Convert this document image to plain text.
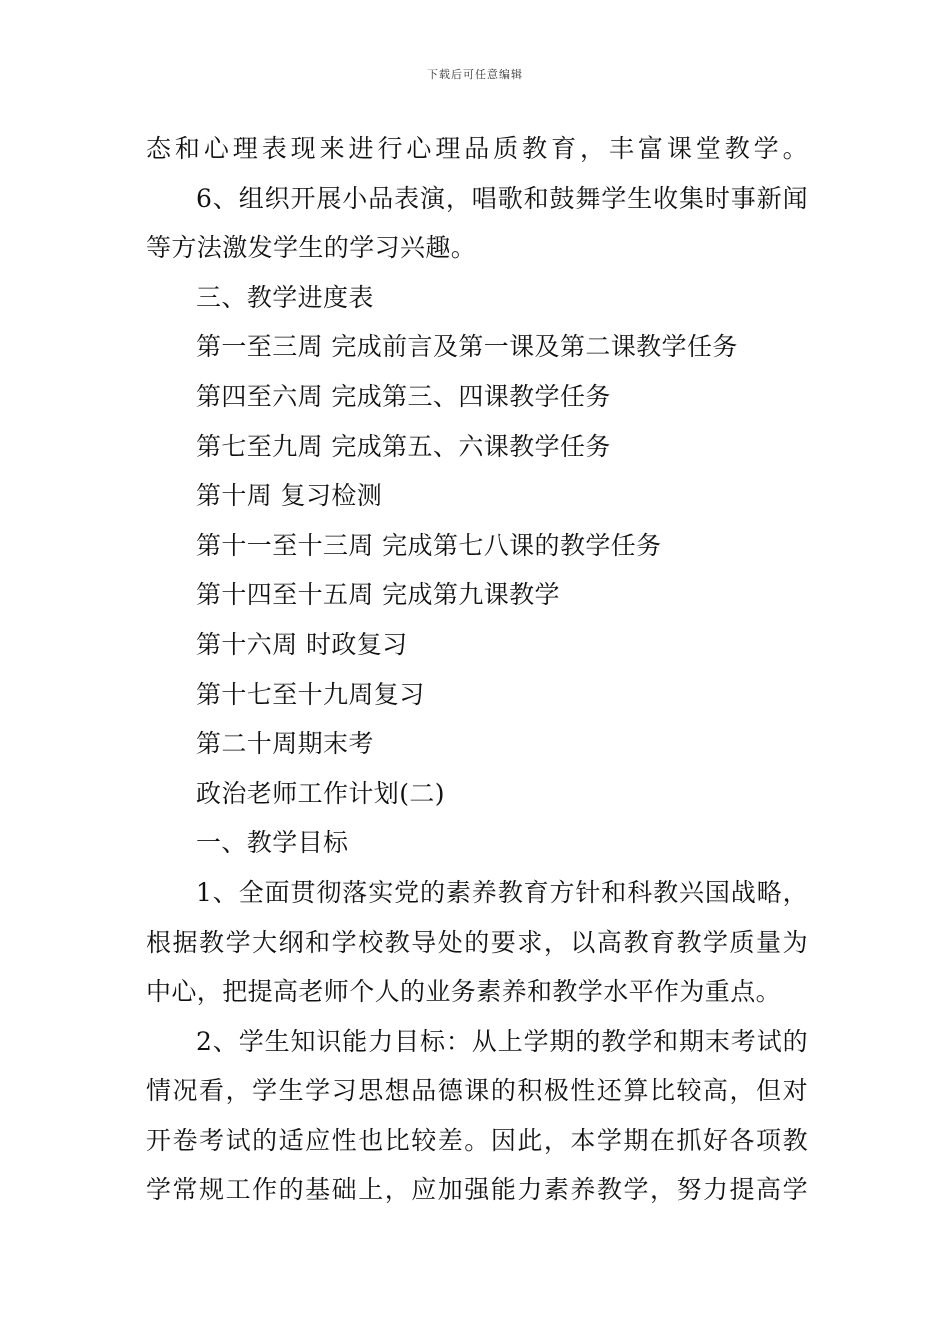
下载后可任意编辑
态和心理表现来进行心理品质教育，丰富课堂教学。
6、组织开展小品表演，唱歌和鼓舞学生收集时事新闻
等方法激发学生的学习兴趣。
三、教学进度表
第一至三周 完成前言及第一课及第二课教学任务
第四至六周 完成第三、四课教学任务
第七至九周 完成第五、六课教学任务
第十周 复习检测
第十一至十三周 完成第七八课的教学任务
第十四至十五周 完成第九课教学
第十六周 时政复习
第十七至十九周复习
第二十周期末考
政治老师工作计划(二)
一、教学目标
1、全面贯彻落实党的素养教育方针和科教兴国战略，
根据教学大纲和学校教导处的要求，以高教育教学质量为
中心，把提高老师个人的业务素养和教学水平作为重点。
2、学生知识能力目标：从上学期的教学和期末考试的
情况看，学生学习思想品德课的积极性还算比较高，但对
开卷考试的适应性也比较差。因此，本学期在抓好各项教
学常规工作的基础上，应加强能力素养教学，努力提高学
